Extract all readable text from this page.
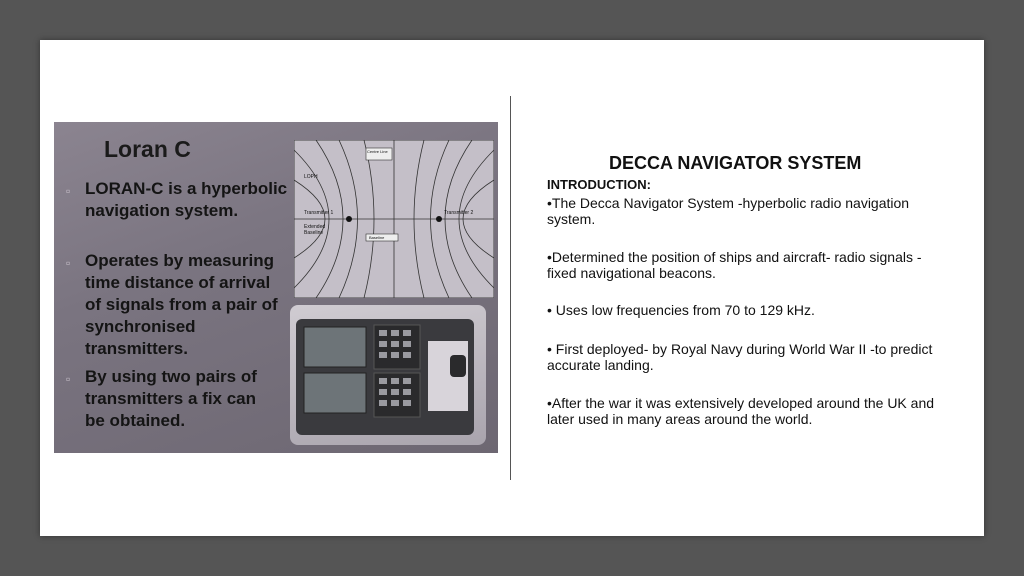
Loran C
▫ LORAN-C is a hyperbolic navigation system.
▫ Operates by measuring time distance of arrival of signals from a pair of synchronised transmitters.
▫ By using two pairs of transmitters a fix can be obtained.
Centre Line
LOPH
Transmitter 1	Transmitter 2
Extended Baseline
Baseline
DECCA NAVIGATOR SYSTEM
INTRODUCTION:
•The Decca Navigator System -hyperbolic radio navigation system.
•Determined the position of ships and aircraft- radio signals -fixed navigational beacons.
• Uses low frequencies from 70 to 129 kHz.
• First deployed- by Royal Navy during World War II -to predict accurate landing.
•After the war it was extensively developed around the UK and later used in many areas around the world.
